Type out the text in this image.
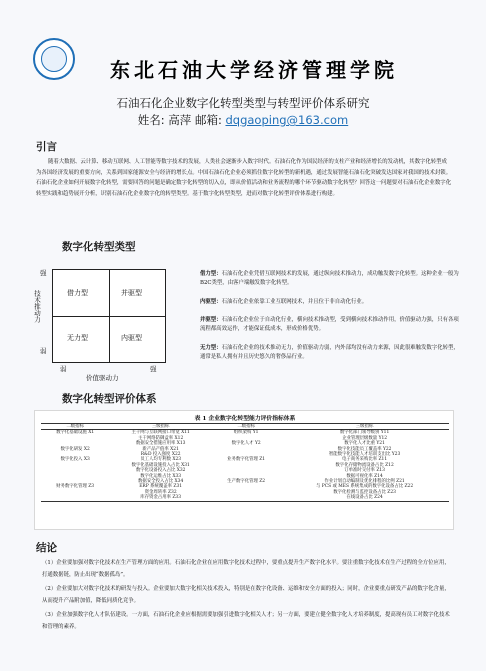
东北石油大学经济管理学院
石油石化企业数字化转型类型与转型评价体系研究
姓名: 高萍 邮箱: dqgaoping@163.com
引言
随着大数据、云计算、移动互联网、人工智能等数字技术的发展，人类社会逐渐步入数字时代。石油石化作为国民经济的支柱产业和经济增长的发动机，其数字化转型成为各国经济发展的重要方向，关系到国家能源安全与经济的增长点。中国石油石化企业必须抓住数字化转型的新机遇，通过发展智能石油石化突破发达国家对我国的技术封锁。石油石化企业如何开展数字化转型，需要回答的问题是确定数字化转型的切入点，即从价值活动和业务流程的哪个环节驱动数字化转型？回答这一问题要对石油石化企业数字化转型实践和趋势展开分析，识别石油石化企业数字化的转型类型。基于数字化转型类型，进而对数字化转型评价体系进行构建。
数字化转型类型
强
技术推动力
弱
借力型	并驱型
无力型	内驱型
弱	强
价值驱动力
借力型：石油石化企业凭借互联网技术的发展，通过纵向技术推动力，成功触发数字化转型。这种企业一般为B2C类型，由客户端触发数字化转型。
内驱型：石油石化企业依靠工业互联网技术，并且位于非自动化行业。
并驱型：石油石化企业位于自动化行业，横向技术推动型，受到横向技术推动作用，价值驱动力强，只有各项流程都高效运作，才能保证低成本，形成价格优势。
无力型：石油石化企业的技术推动无力，价值驱动力弱，内外部均没有动力来源，因此很难触发数字化转型，通常是私人拥有并且历史悠久的奢侈品行业。
数字化转型评价体系
表 1 企业数字化转型能力评价指标体系
二级指标	三级指标	二级指标	三级指标
数字化基础设施 X1	主干网与互联网接口带宽 X11	组织架构 Y1	数字化部门领导级别 Y11
	主干网络防御盒率 X12		企业管理层级数量 Y12
	数据安全措施应用率 X13	数字化人才 Y2	数字化人才比重 Y21
数字化研发 X2	新产品产值率 X21		数字化技能员工覆盖率 Y22
	R&D 投入强度 X22		智能数字化技能人才培训支出比 Y23
数字化投入 X3	员工人均专利数 X23	业务数字化管理 Z1	电子商务采购比率 Z11
	数字化基础设施投入占比 X31		数字化存储物流设备占比 Z12
	数字化设备投入占比 X32		订单准时交付率 Z13
	数字化运维占比 X33		数据可视化率 Z14
	数据安全投入占比 X34	生产数字化管理 Z2	作业计划自动编制及优化排程的比例 Z21
财务数字化管理 Z3	ERP 系统覆盖率 Z31		与 PCS 或 MES 系统集成的数字化设备占比 Z22
	资金周转率 Z32		数字化检测与监控设备占比 Z23
	库存资金占用率 Z33		在线设备占比 Z24
结论
（1）企业要加强对数字化技术在生产管理方面的应用。石油石化企业在应用数字化技术过程中，要重点提升生产数字化水平。要注重数字化技术在生产过程的全方位应用，打通数据链，防止出现“数据孤岛”。
（2）企业要加大对数字化技术的研发与投入。企业要加大数字化相关技术投入，特别是在数字化设备、运维和安全方面的投入；同时，企业要重点研发产品的数字化含量，从而提升产品附加值，降低同质化竞争。
（3）企业加强数字化人才队伍建设。一方面，石油石化企业应根据需要加强引进数字化相关人才；另一方面，要建立健全数字化人才培养制度，提高现有员工对数字化技术和管理的素养。
